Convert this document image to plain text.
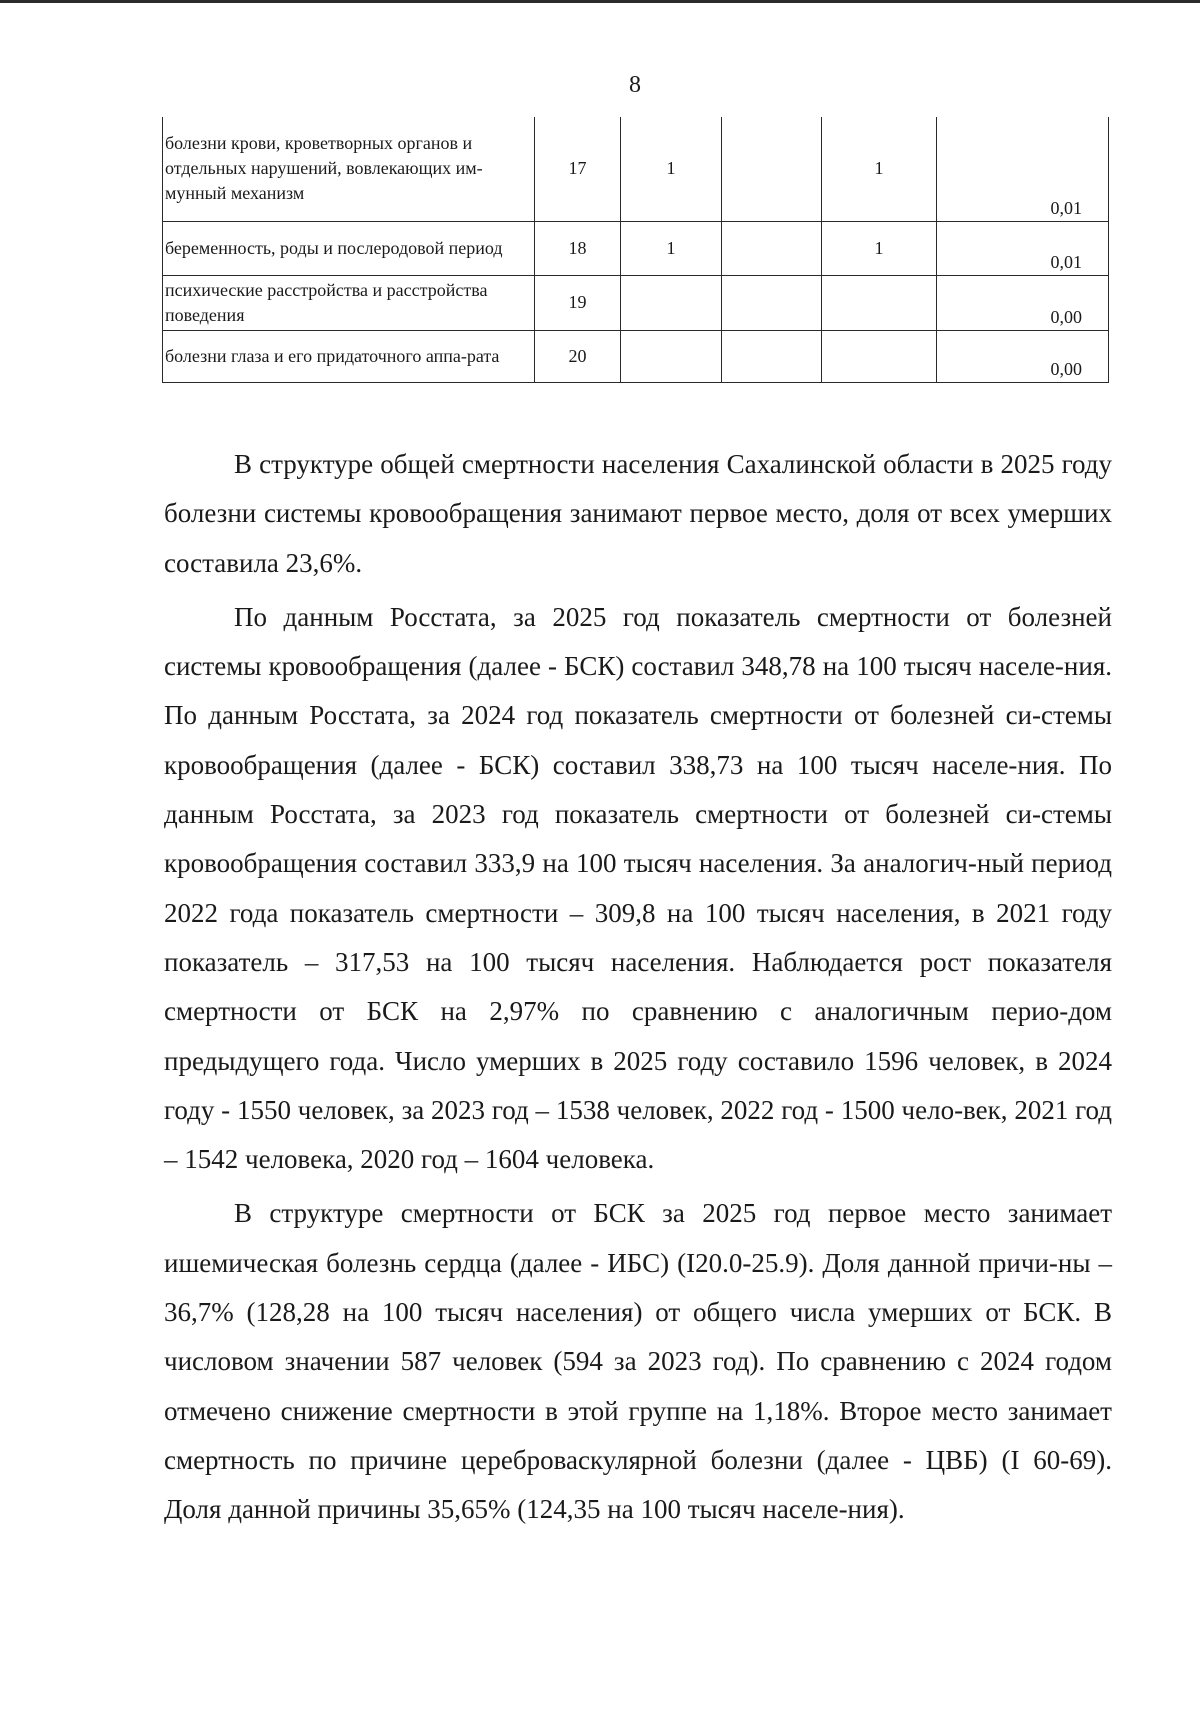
8
болезни крови, кроветворных органов и отдельных нарушений, вовлекающих им-мунный механизм	17	1		1	0,01
беременность, роды и послеродовой период	18	1		1	0,01
психические расстройства и расстройства поведения	19				0,00
болезни глаза и его придаточного аппа-рата	20				0,00

В структуре общей смертности населения Сахалинской области в 2025 году болезни системы кровообращения занимают первое место, доля от всех умерших составила 23,6%.

По данным Росстата, за 2025 год показатель смертности от болезней системы кровообращения (далее - БСК) составил 348,78 на 100 тысяч населе-ния. По данным Росстата, за 2024 год показатель смертности от болезней си-стемы кровообращения (далее - БСК) составил 338,73 на 100 тысяч населе-ния. По данным Росстата, за 2023 год показатель смертности от болезней си-стемы кровообращения составил 333,9 на 100 тысяч населения. За аналогич-ный период 2022 года показатель смертности – 309,8 на 100 тысяч населения, в 2021 году показатель – 317,53 на 100 тысяч населения. Наблюдается рост показателя смертности от БСК на 2,97% по сравнению с аналогичным перио-дом предыдущего года. Число умерших в 2025 году составило 1596 человек, в 2024 году - 1550 человек, за 2023 год – 1538 человек, 2022 год - 1500 чело-век, 2021 год – 1542 человека, 2020 год – 1604 человека.

В структуре смертности от БСК за 2025 год первое место занимает ишемическая болезнь сердца (далее - ИБС) (I20.0-25.9). Доля данной причи-ны – 36,7% (128,28 на 100 тысяч населения) от общего числа умерших от БСК. В числовом значении 587 человек (594 за 2023 год). По сравнению с 2024 годом отмечено снижение смертности в этой группе на 1,18%. Второе место занимает смертность по причине цереброваскулярной болезни (далее - ЦВБ) (I 60-69). Доля данной причины 35,65% (124,35 на 100 тысяч населе-ния).
